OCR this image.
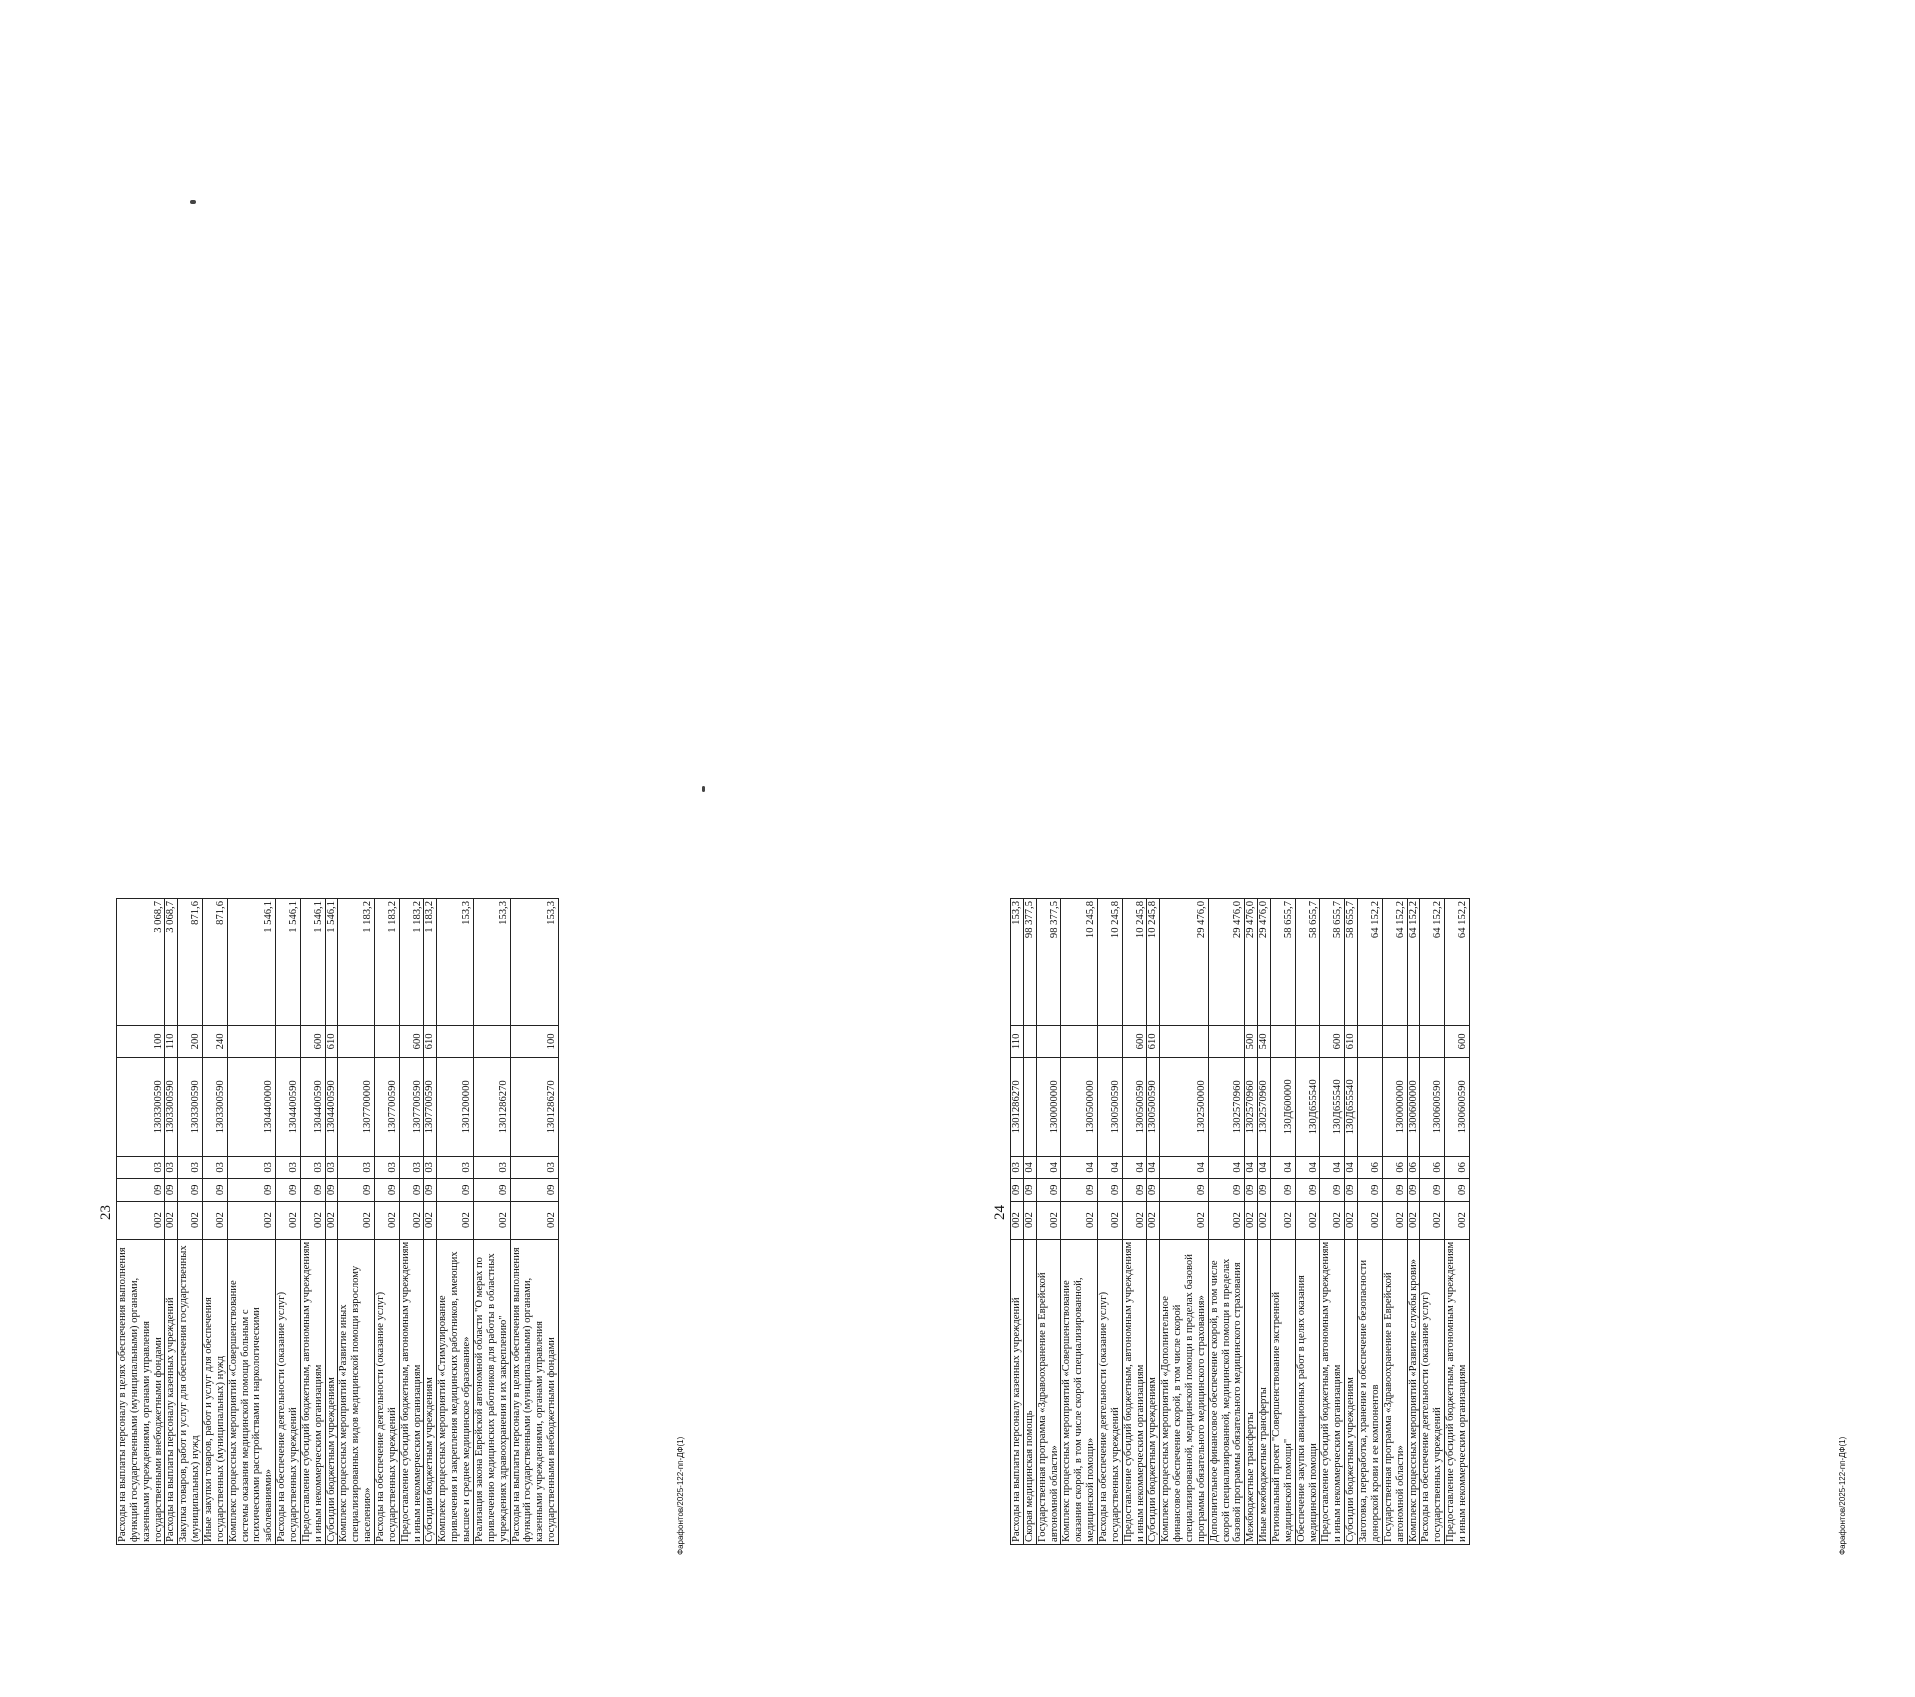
23
Расходы на выплаты персоналу в целях обеспечения выполнения функций государственными (муниципальными) органами, казенными учреждениями, органами управления государственными внебюджетными фондами	002	09	03	1303300590	100	3 068,7
Расходы на выплаты персоналу казенных учреждений	002	09	03	1303300590	110	3 068,7
Закупка товаров, работ и услуг для обеспечения государственных (муниципальных) нужд	002	09	03	1303300590	200	871,6
Иные закупки товаров, работ и услуг для обеспечения государственных (муниципальных) нужд	002	09	03	1303300590	240	871,6
Комплекс процессных мероприятий «Совершенствование системы оказания медицинской помощи больным с психическими расстройствами и наркологическими заболеваниями»	002	09	03	1304400000		1 546,1
Расходы на обеспечение деятельности (оказание услуг) государственных учреждений	002	09	03	1304400590		1 546,1
Предоставление субсидий бюджетным, автономным учреждениям и иным некоммерческим организациям	002	09	03	1304400590	600	1 546,1
Субсидии бюджетным учреждениям	002	09	03	1304400590	610	1 546,1
Комплекс процессных мероприятий «Развитие иных специализированных видов медицинской помощи взрослому населению»	002	09	03	1307700000		1 183,2
Расходы на обеспечение деятельности (оказание услуг) государственных учреждений	002	09	03	1307700590		1 183,2
Предоставление субсидий бюджетным, автономным учреждениям и иным некоммерческим организациям	002	09	03	1307700590	600	1 183,2
Субсидии бюджетным учреждениям	002	09	03	1307700590	610	1 183,2
Комплекс процессных мероприятий «Стимулирование привлечения и закрепления медицинских работников, имеющих высшее и среднее медицинское образование»	002	09	03	1301200000		153,3
Реализация закона Еврейской автономной области "О мерах по привлечению медицинских работников для работы в областных учреждениях здравоохранения и их закреплению"	002	09	03	1301286270		153,3
Расходы на выплаты персоналу в целях обеспечения выполнения функций государственными (муниципальными) органами, казенными учреждениями, органами управления государственными внебюджетными фондами	002	09	03	1301286270	100	153,3
Фарафонтов/2025-122-пп-ДФ(1)
24
Расходы на выплаты персоналу казенных учреждений	002	09	03	1301286270	110	153,3
Скорая медицинская помощь	002	09	04			98 377,5
Государственная программа «Здравоохранение в Еврейской автономной области»	002	09	04	1300000000		98 377,5
Комплекс процессных мероприятий «Совершенствование оказания скорой, в том числе скорой специализированной, медицинской помощи»	002	09	04	1300500000		10 245,8
Расходы на обеспечение деятельности (оказание услуг) государственных учреждений	002	09	04	1300500590		10 245,8
Предоставление субсидий бюджетным, автономным учреждениям и иным некоммерческим организациям	002	09	04	1300500590	600	10 245,8
Субсидии бюджетным учреждениям	002	09	04	1300500590	610	10 245,8
Комплекс процессных мероприятий «Дополнительное финансовое обеспечение скорой, в том числе скорой специализированной, медицинской помощи в пределах базовой программы обязательного медицинского страхования»	002	09	04	1302500000		29 476,0
Дополнительное финансовое обеспечение скорой, в том числе скорой специализированной, медицинской помощи в пределах базовой программы обязательного медицинского страхования	002	09	04	1302570960		29 476,0
Межбюджетные трансферты	002	09	04	1302570960	500	29 476,0
Иные межбюджетные трансферты	002	09	04	1302570960	540	29 476,0
Региональный проект "Совершенствование экстренной медицинской помощи"	002	09	04	130Д600000		58 655,7
Обеспечение закупки авиационных работ в целях оказания медицинской помощи	002	09	04	130Д655540		58 655,7
Предоставление субсидий бюджетным, автономным учреждениям и иным некоммерческим организациям	002	09	04	130Д655540	600	58 655,7
Субсидии бюджетным учреждениям	002	09	04	130Д655540	610	58 655,7
Заготовка, переработка, хранение и обеспечение безопасности донорской крови и ее компонентов	002	09	06			64 152,2
Государственная программа «Здравоохранение в Еврейской автономной области»	002	09	06	1300000000		64 152,2
Комплекс процессных мероприятий «Развитие службы крови»	002	09	06	1300600000		64 152,2
Расходы на обеспечение деятельности (оказание услуг) государственных учреждений	002	09	06	1300600590		64 152,2
Предоставление субсидий бюджетным, автономным учреждениям и иным некоммерческим организациям	002	09	06	1300600590	600	64 152,2
Фарафонтов/2025-122-пп-ДФ(1)
